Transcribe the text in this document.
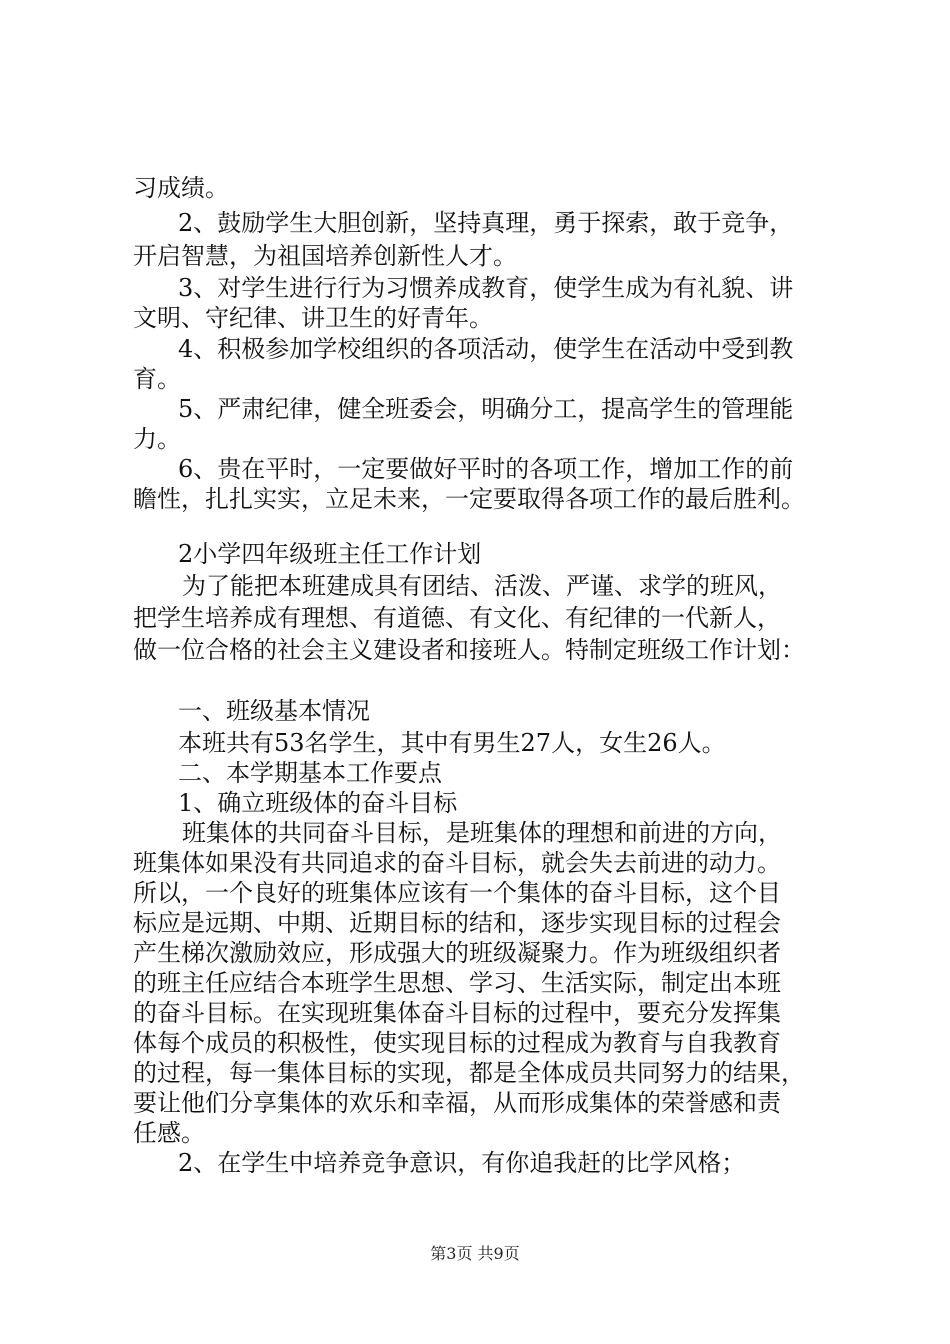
习成绩。
2、鼓励学生大胆创新，坚持真理，勇于探索，敢于竞争，
开启智慧，为祖国培养创新性人才。
3、对学生进行行为习惯养成教育，使学生成为有礼貌、讲
文明、守纪律、讲卫生的好青年。
4、积极参加学校组织的各项活动，使学生在活动中受到教
育。
5、严肃纪律，健全班委会，明确分工，提高学生的管理能
力。
6、贵在平时，一定要做好平时的各项工作，增加工作的前
瞻性，扎扎实实，立足未来，一定要取得各项工作的最后胜利。
2小学四年级班主任工作计划
为了能把本班建成具有团结、活泼、严谨、求学的班风，
把学生培养成有理想、有道德、有文化、有纪律的一代新人，
做一位合格的社会主义建设者和接班人。特制定班级工作计划：
一、班级基本情况
本班共有53名学生，其中有男生27人，女生26人。
二、本学期基本工作要点
1、确立班级体的奋斗目标
班集体的共同奋斗目标，是班集体的理想和前进的方向，
班集体如果没有共同追求的奋斗目标，就会失去前进的动力。
所以，一个良好的班集体应该有一个集体的奋斗目标，这个目
标应是远期、中期、近期目标的结和，逐步实现目标的过程会
产生梯次激励效应，形成强大的班级凝聚力。作为班级组织者
的班主任应结合本班学生思想、学习、生活实际，制定出本班
的奋斗目标。在实现班集体奋斗目标的过程中，要充分发挥集
体每个成员的积极性，使实现目标的过程成为教育与自我教育
的过程，每一集体目标的实现，都是全体成员共同努力的结果，
要让他们分享集体的欢乐和幸福，从而形成集体的荣誉感和责
任感。
2、在学生中培养竞争意识，有你追我赶的比学风格；
第3页 共9页
